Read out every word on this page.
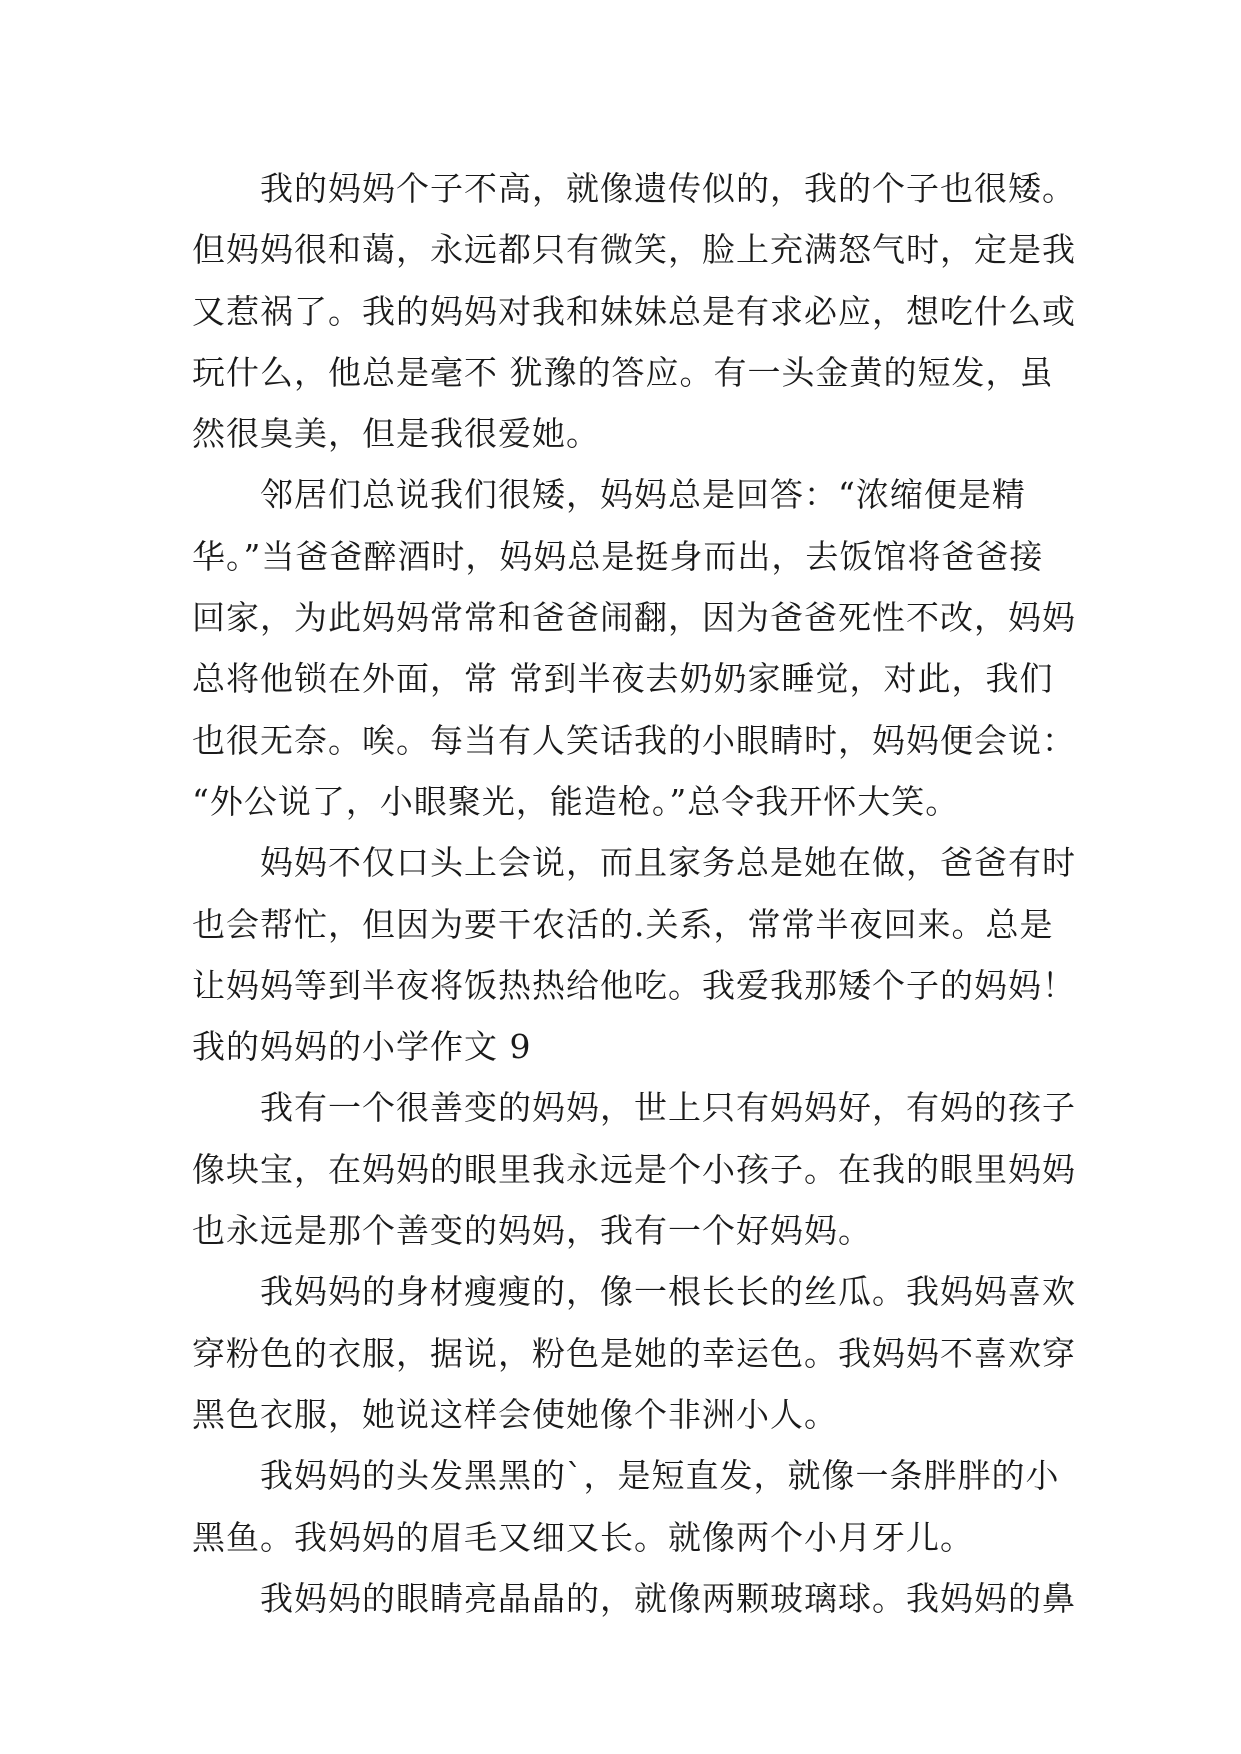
　　我的妈妈个子不高，就像遗传似的，我的个子也很矮。
但妈妈很和蔼，永远都只有微笑，脸上充满怒气时，定是我
又惹祸了。我的妈妈对我和妹妹总是有求必应，想吃什么或
玩什么，他总是毫不 犹豫的答应。有一头金黄的短发，虽
然很臭美，但是我很爱她。
　　邻居们总说我们很矮，妈妈总是回答：“浓缩便是精
华。”当爸爸醉酒时，妈妈总是挺身而出，去饭馆将爸爸接
回家，为此妈妈常常和爸爸闹翻，因为爸爸死性不改，妈妈
总将他锁在外面，常 常到半夜去奶奶家睡觉，对此，我们
也很无奈。唉。每当有人笑话我的小眼睛时，妈妈便会说：
“外公说了，小眼聚光，能造枪。”总令我开怀大笑。
　　妈妈不仅口头上会说，而且家务总是她在做，爸爸有时
也会帮忙，但因为要干农活的.关系，常常半夜回来。总是
让妈妈等到半夜将饭热热给他吃。我爱我那矮个子的妈妈！
我的妈妈的小学作文 9
　　我有一个很善变的妈妈，世上只有妈妈好，有妈的孩子
像块宝，在妈妈的眼里我永远是个小孩子。在我的眼里妈妈
也永远是那个善变的妈妈，我有一个好妈妈。
　　我妈妈的身材瘦瘦的，像一根长长的丝瓜。我妈妈喜欢
穿粉色的衣服，据说，粉色是她的幸运色。我妈妈不喜欢穿
黑色衣服，她说这样会使她像个非洲小人。
　　我妈妈的头发黑黑的`，是短直发，就像一条胖胖的小
黑鱼。我妈妈的眉毛又细又长。就像两个小月牙儿。
　　我妈妈的眼睛亮晶晶的，就像两颗玻璃球。我妈妈的鼻
